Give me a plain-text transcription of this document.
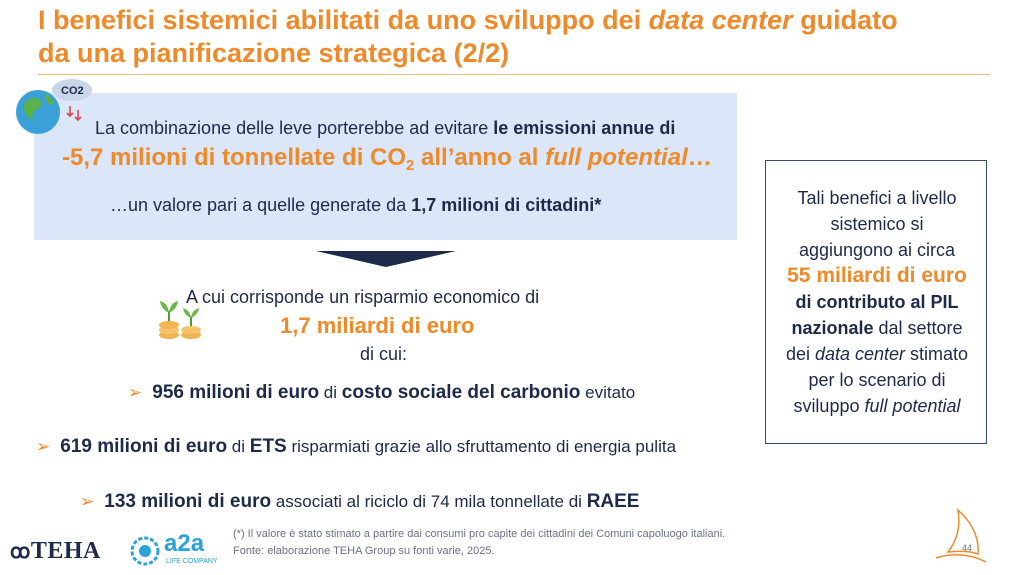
I benefici sistemici abilitati da uno sviluppo dei data center guidato
da una pianificazione strategica (2/2)
CO2
La combinazione delle leve porterebbe ad evitare le emissioni annue di
-5,7 milioni di tonnellate di $CO_2$ all’anno al full potential…
…un valore pari a quelle generate da 1,7 milioni di cittadini*
A cui corrisponde un risparmio economico di
1,7 miliardi di euro
di cui:
➢ 956 milioni di euro di costo sociale del carbonio evitato
➢ 619 milioni di euro di ETS risparmiati grazie allo sfruttamento di energia pulita
➢ 133 milioni di euro associati al riciclo di 74 mila tonnellate di RAEE
Tali benefici a livello
sistemico si
aggiungono ai circa
55 miliardi di euro
di contributo al PIL
nazionale dal settore
dei data center stimato
per lo scenario di
sviluppo full potential
(*) Il valore è stato stimato a partire dai consumi pro capite dei cittadini dei Comuni capoluogo italiani.
Fonte: elaborazione TEHA Group su fonti varie, 2025.
ꝏTEHA	a2a
LIFE COMPANY
44
